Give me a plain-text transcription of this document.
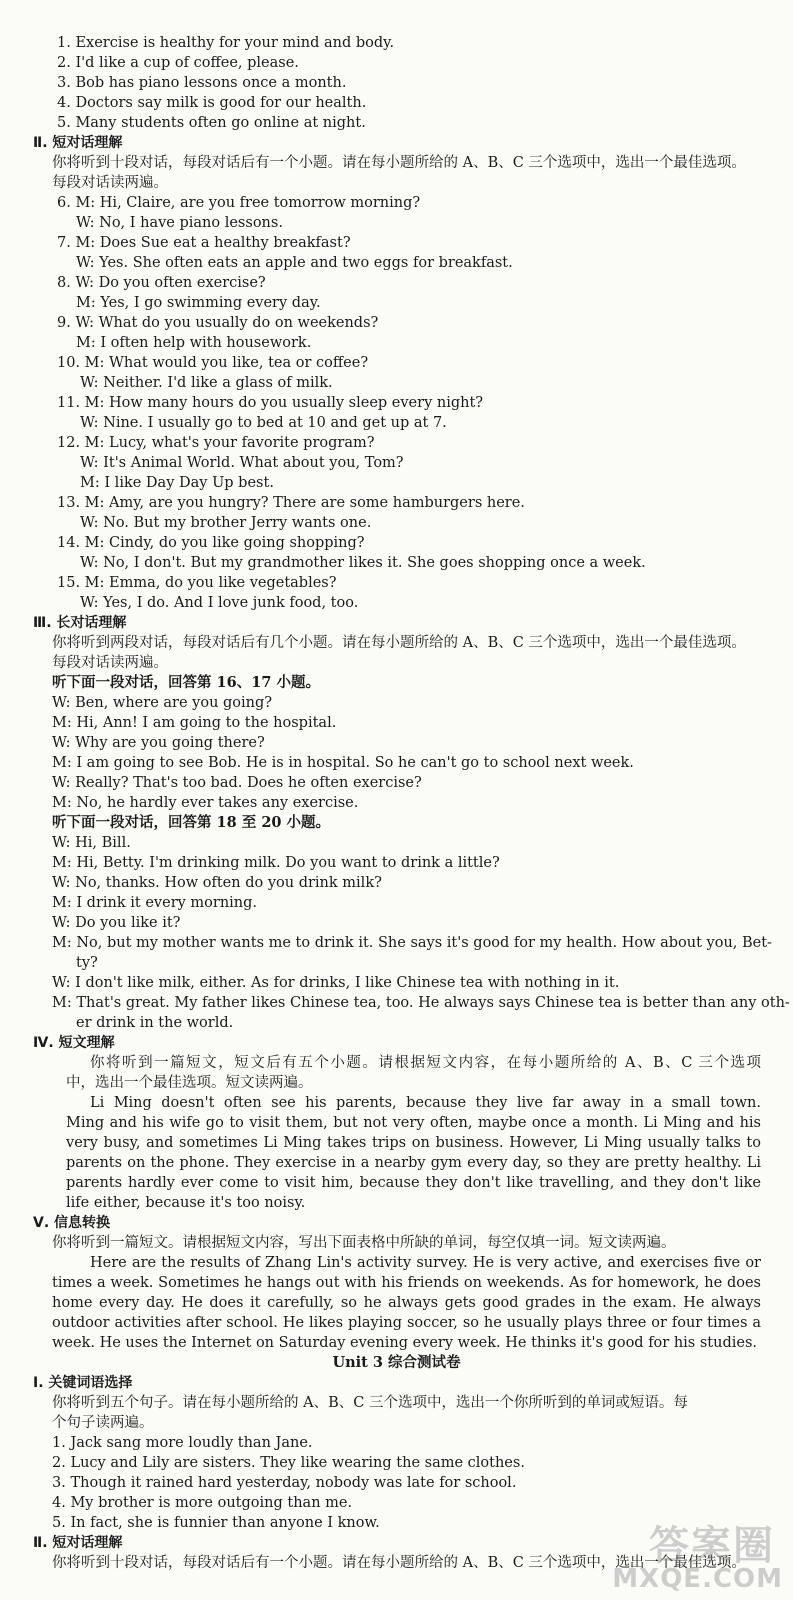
1. Exercise is healthy for your mind and body.
2. I'd like a cup of coffee, please.
3. Bob has piano lessons once a month.
4. Doctors say milk is good for our health.
5. Many students often go online at night.
Ⅱ. 短对话理解
你将听到十段对话，每段对话后有一个小题。请在每小题所给的 A、B、C 三个选项中，选出一个最佳选项。
每段对话读两遍。
6. M: Hi, Claire, are you free tomorrow morning?
W: No, I have piano lessons.
7. M: Does Sue eat a healthy breakfast?
W: Yes. She often eats an apple and two eggs for breakfast.
8. W: Do you often exercise?
M: Yes, I go swimming every day.
9. W: What do you usually do on weekends?
M: I often help with housework.
10. M: What would you like, tea or coffee?
W: Neither. I'd like a glass of milk.
11. M: How many hours do you usually sleep every night?
W: Nine. I usually go to bed at 10 and get up at 7.
12. M: Lucy, what's your favorite program?
W: It's Animal World. What about you, Tom?
M: I like Day Day Up best.
13. M: Amy, are you hungry? There are some hamburgers here.
W: No. But my brother Jerry wants one.
14. M: Cindy, do you like going shopping?
W: No, I don't. But my grandmother likes it. She goes shopping once a week.
15. M: Emma, do you like vegetables?
W: Yes, I do. And I love junk food, too.
Ⅲ. 长对话理解
你将听到两段对话，每段对话后有几个小题。请在每小题所给的 A、B、C 三个选项中，选出一个最佳选项。
每段对话读两遍。
听下面一段对话，回答第 16、17 小题。
W: Ben, where are you going?
M: Hi, Ann! I am going to the hospital.
W: Why are you going there?
M: I am going to see Bob. He is in hospital. So he can't go to school next week.
W: Really? That's too bad. Does he often exercise?
M: No, he hardly ever takes any exercise.
听下面一段对话，回答第 18 至 20 小题。
W: Hi, Bill.
M: Hi, Betty. I'm drinking milk. Do you want to drink a little?
W: No, thanks. How often do you drink milk?
M: I drink it every morning.
W: Do you like it?
M: No, but my mother wants me to drink it. She says it's good for my health. How about you, Bet-
ty?
W: I don't like milk, either. As for drinks, I like Chinese tea with nothing in it.
M: That's great. My father likes Chinese tea, too. He always says Chinese tea is better than any oth-
er drink in the world.
Ⅳ. 短文理解
你将听到一篇短文，短文后有五个小题。请根据短文内容，在每小题所给的 A、B、C 三个选项
中，选出一个最佳选项。短文读两遍。
Li Ming doesn't often see his parents, because they live far away in a small town.
Ming and his wife go to visit them, but not very often, maybe once a month. Li Ming and his
very busy, and sometimes Li Ming takes trips on business. However, Li Ming usually talks to
parents on the phone. They exercise in a nearby gym every day, so they are pretty healthy. Li
parents hardly ever come to visit him, because they don't like travelling, and they don't like
life either, because it's too noisy.
Ⅴ. 信息转换
你将听到一篇短文。请根据短文内容，写出下面表格中所缺的单词，每空仅填一词。短文读两遍。
Here are the results of Zhang Lin's activity survey. He is very active, and exercises five or
times a week. Sometimes he hangs out with his friends on weekends. As for homework, he does
home every day. He does it carefully, so he always gets good grades in the exam. He always
outdoor activities after school. He likes playing soccer, so he usually plays three or four times a
week. He uses the Internet on Saturday evening every week. He thinks it's good for his studies.
Unit 3 综合测试卷
Ⅰ. 关键词语选择
你将听到五个句子。请在每小题所给的 A、B、C 三个选项中，选出一个你所听到的单词或短语。每
个句子读两遍。
1. Jack sang more loudly than Jane.
2. Lucy and Lily are sisters. They like wearing the same clothes.
3. Though it rained hard yesterday, nobody was late for school.
4. My brother is more outgoing than me.
5. In fact, she is funnier than anyone I know.
Ⅱ. 短对话理解
你将听到十段对话，每段对话后有一个小题。请在每小题所给的 A、B、C 三个选项中，选出一个最佳选项。
答案圈
MXQE.COM
